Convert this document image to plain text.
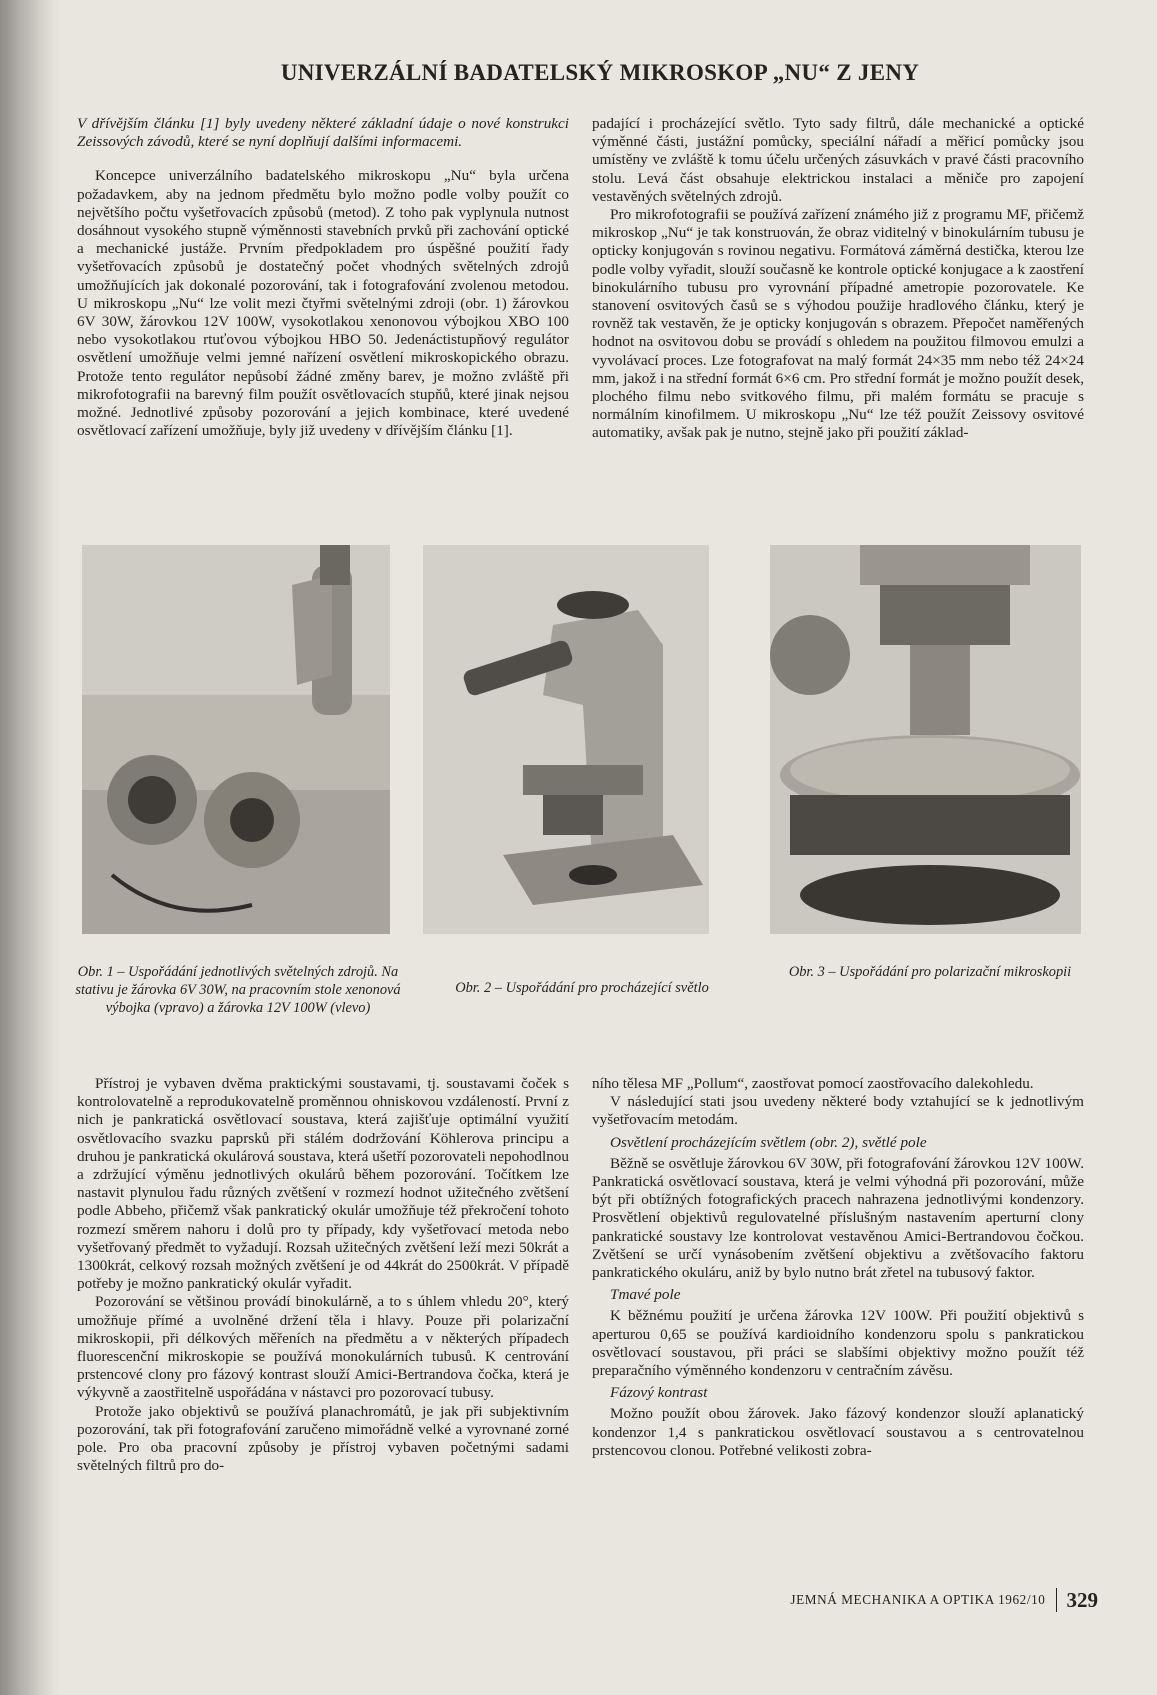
UNIVERZÁLNÍ BADATELSKÝ MIKROSKOP „NU“ Z JENY

V dřívějším článku [1] byly uvedeny některé základní údaje o nové konstrukci Zeissových závodů, které se nyní doplňují dalšími informacemi.

Koncepce univerzálního badatelského mikroskopu „Nu“ byla určena požadavkem, aby na jednom předmětu bylo možno podle volby použít co největšího počtu vyšetřovacích způsobů (metod). Z toho pak vyplynula nutnost dosáhnout vysokého stupně výměnnosti stavebních prvků při zachování optické a mechanické justáže. Prvním předpokladem pro úspěšné použití řady vyšetřovacích způsobů je dostatečný počet vhodných světelných zdrojů umožňujících jak dokonalé pozorování, tak i fotografování zvolenou metodou. U mikroskopu „Nu“ lze volit mezi čtyřmi světelnými zdroji (obr. 1) žárovkou 6V 30W, žárovkou 12V 100W, vysokotlakou xenonovou výbojkou XBO 100 nebo vysokotlakou rtuťovou výbojkou HBO 50. Jedenáctistupňový regulátor osvětlení umožňuje velmi jemné nařízení osvětlení mikroskopického obrazu. Protože tento regulátor nepůsobí žádné změny barev, je možno zvláště při mikrofotografii na barevný film použít osvětlovacích stupňů, které jinak nejsou možné. Jednotlivé způsoby pozorování a jejich kombinace, které uvedené osvětlovací zařízení umožňuje, byly již uvedeny v dřívějším článku [1].

padající i procházející světlo. Tyto sady filtrů, dále mechanické a optické výměnné části, justážní pomůcky, speciální nářadí a měřicí pomůcky jsou umístěny ve zvláště k tomu účelu určených zásuvkách v pravé části pracovního stolu. Levá část obsahuje elektrickou instalaci a měniče pro zapojení vestavěných světelných zdrojů.

Pro mikrofotografii se používá zařízení známého již z programu MF, přičemž mikroskop „Nu“ je tak konstruován, že obraz viditelný v binokulárním tubusu je opticky konjugován s rovinou negativu. Formátová záměrná destička, kterou lze podle volby vyřadit, slouží současně ke kontrole optické konjugace a k zaostření binokulárního tubusu pro vyrovnání případné ametropie pozorovatele. Ke stanovení osvitových časů se s výhodou použije hradlového článku, který je rovněž tak vestavěn, že je opticky konjugován s obrazem. Přepočet naměřených hodnot na osvitovou dobu se provádí s ohledem na použitou filmovou emulzi a vyvolávací proces. Lze fotografovat na malý formát 24×35 mm nebo též 24×24 mm, jakož i na střední formát 6×6 cm. Pro střední formát je možno použít desek, plochého filmu nebo svitkového filmu, při malém formátu se pracuje s normálním kinofilmem. U mikroskopu „Nu“ lze též použít Zeissovy osvitové automatiky, avšak pak je nutno, stejně jako při použití základ-

Obr. 1 – Uspořádání jednotlivých světelných zdrojů. Na stativu je žárovka 6V 30W, na pracovním stole xenonová výbojka (vpravo) a žárovka 12V 100W (vlevo)
Obr. 2 – Uspořádání pro procházející světlo
Obr. 3 – Uspořádání pro polarizační mikroskopii

Přístroj je vybaven dvěma praktickými soustavami, tj. soustavami čoček s kontrolovatelně a reprodukovatelně proměnnou ohniskovou vzdáleností. První z nich je pankratická osvětlovací soustava, která zajišťuje optimální využití osvětlovacího svazku paprsků při stálém dodržování Köhlerova principu a druhou je pankratická okulárová soustava, která ušetří pozorovateli nepohodlnou a zdržující výměnu jednotlivých okulárů během pozorování. Točítkem lze nastavit plynulou řadu různých zvětšení v rozmezí hodnot užitečného zvětšení podle Abbeho, přičemž však pankratický okulár umožňuje též překročení tohoto rozmezí směrem nahoru i dolů pro ty případy, kdy vyšetřovací metoda nebo vyšetřovaný předmět to vyžadují. Rozsah užitečných zvětšení leží mezi 50krát a 1300krát, celkový rozsah možných zvětšení je od 44krát do 2500krát. V případě potřeby je možno pankratický okulár vyřadit.

Pozorování se většinou provádí binokulárně, a to s úhlem vhledu 20°, který umožňuje přímé a uvolněné držení těla i hlavy. Pouze při polarizační mikroskopii, při délkových měřeních na předmětu a v některých případech fluorescenční mikroskopie se používá monokulárních tubusů. K centrování prstencové clony pro fázový kontrast slouží Amici-Bertrandova čočka, která je výkyvně a zaostřitelně uspořádána v nástavci pro pozorovací tubusy.

Protože jako objektivů se používá planachromátů, je jak při subjektivním pozorování, tak při fotografování zaručeno mimořádně velké a vyrovnané zorné pole. Pro oba pracovní způsoby je přístroj vybaven početnými sadami světelných filtrů pro do-

ního tělesa MF „Pollum“, zaostřovat pomocí zaostřovacího dalekohledu.

V následující stati jsou uvedeny některé body vztahující se k jednotlivým vyšetřovacím metodám.

Osvětlení procházejícím světlem (obr. 2), světlé pole

Běžně se osvětluje žárovkou 6V 30W, při fotografování žárovkou 12V 100W. Pankratická osvětlovací soustava, která je velmi výhodná při pozorování, může být při obtížných fotografických pracech nahrazena jednotlivými kondenzory. Prosvětlení objektivů regulovatelné příslušným nastavením aperturní clony pankratické soustavy lze kontrolovat vestavěnou Amici-Bertrandovou čočkou. Zvětšení se určí vynásobením zvětšení objektivu a zvětšovacího faktoru pankratického okuláru, aniž by bylo nutno brát zřetel na tubusový faktor.

Tmavé pole

K běžnému použití je určena žárovka 12V 100W. Při použití objektivů s aperturou 0,65 se používá kardioidního kondenzoru spolu s pankratickou osvětlovací soustavou, při práci se slabšími objektivy možno použít též preparačního výměnného kondenzoru v centračním závěsu.

Fázový kontrast

Možno použít obou žárovek. Jako fázový kondenzor slouží aplanatický kondenzor 1,4 s pankratickou osvětlovací soustavou a s centrovatelnou prstencovou clonou. Potřebné velikosti zobra-

JEMNÁ MECHANIKA A OPTIKA 1962/10 329
